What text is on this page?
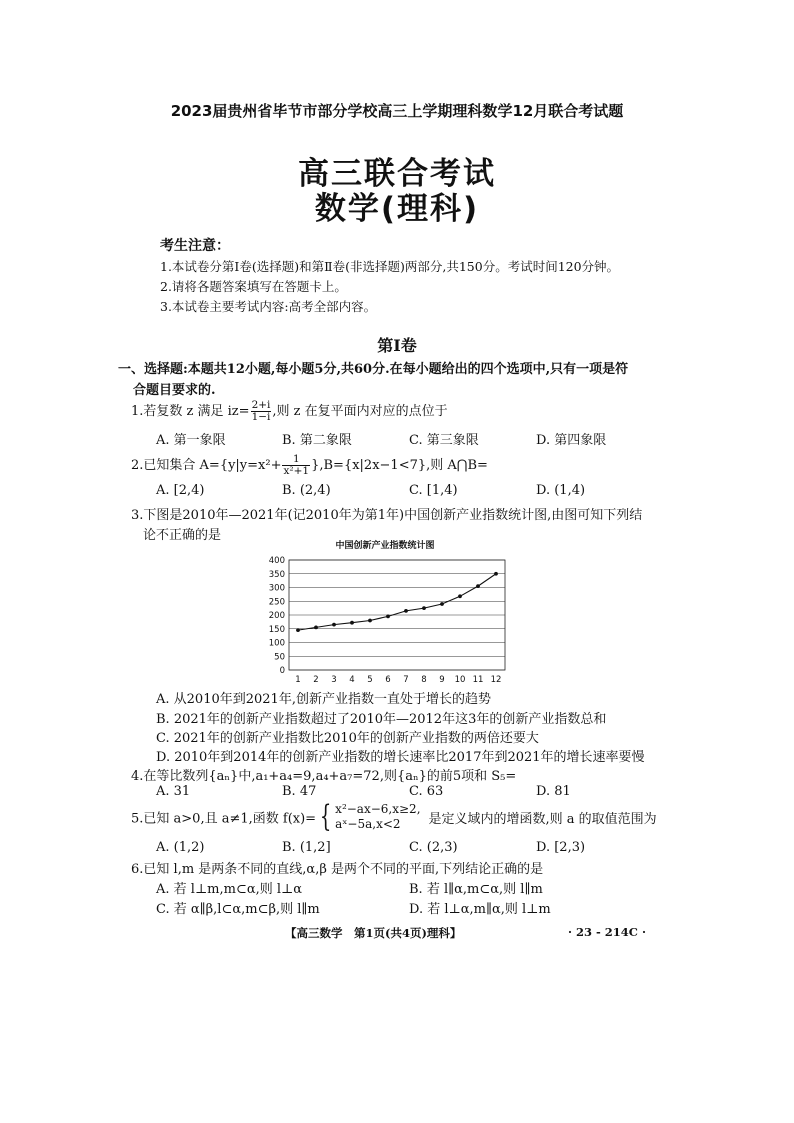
2023届贵州省毕节市部分学校高三上学期理科数学12月联合考试题
高三联合考试
数学(理科)
考生注意：
1.本试卷分第Ⅰ卷(选择题)和第Ⅱ卷(非选择题)两部分,共150分。考试时间120分钟。
2.请将各题答案填写在答题卡上。
3.本试卷主要考试内容:高考全部内容。
第Ⅰ卷
一、选择题:本题共12小题,每小题5分,共60分.在每小题给出的四个选项中,只有一项是符
合题目要求的.
1.若复数 z 满足 $iz= \frac{2+i}{1-i}$ ,则 z 在复平面内对应的点位于
A. 第一象限	B. 第二象限	C. 第三象限	D. 第四象限
2.已知集合 $A=\{y|y=x^2+ \frac{1}{\text{x²+1}} \},B=\{x|2x-1<7\}$,则 A⋂B=
A. [2,4)	B. (2,4)	C. [1,4)	D. (1,4)
3.下图是2010年—2021年(记2010年为第1年)中国创新产业指数统计图,由图可知下列结
论不正确的是
中国创新产业指数统计图
0
50
100
150
200
250
300
350
400
1 2 3 4 5 6 7 8 9 10 11 12
A. 从2010年到2021年,创新产业指数一直处于增长的趋势
B. 2021年的创新产业指数超过了2010年—2012年这3年的创新产业指数总和
C. 2021年的创新产业指数比2010年的创新产业指数的两倍还要大
D. 2010年到2014年的创新产业指数的增长速率比2017年到2021年的增长速率要慢
4.在等比数列{aₙ}中,a₁+a₄=9,a₄+a₇=72,则{aₙ}的前5项和 S₅=
A. 31	B. 47	C. 63	D. 81
5.已知 a>0,且 a≠1,函数 f(x)= { x²−ax−6,x≥2,
aˣ−5a,x<2	是定义域内的增函数,则 a 的取值范围为
A. (1,2)	B. (1,2]	C. (2,3)	D. [2,3)
6.已知 l,m 是两条不同的直线,α,β 是两个不同的平面,下列结论正确的是
A. 若 l⊥m,m⊂α,则 l⊥α	B. 若 l∥α,m⊂α,则 l∥m
C. 若 α∥β,l⊂α,m⊂β,则 l∥m	D. 若 l⊥α,m∥α,则 l⊥m
【高三数学　第1页(共4页)理科】	· 23 - 214C ·
